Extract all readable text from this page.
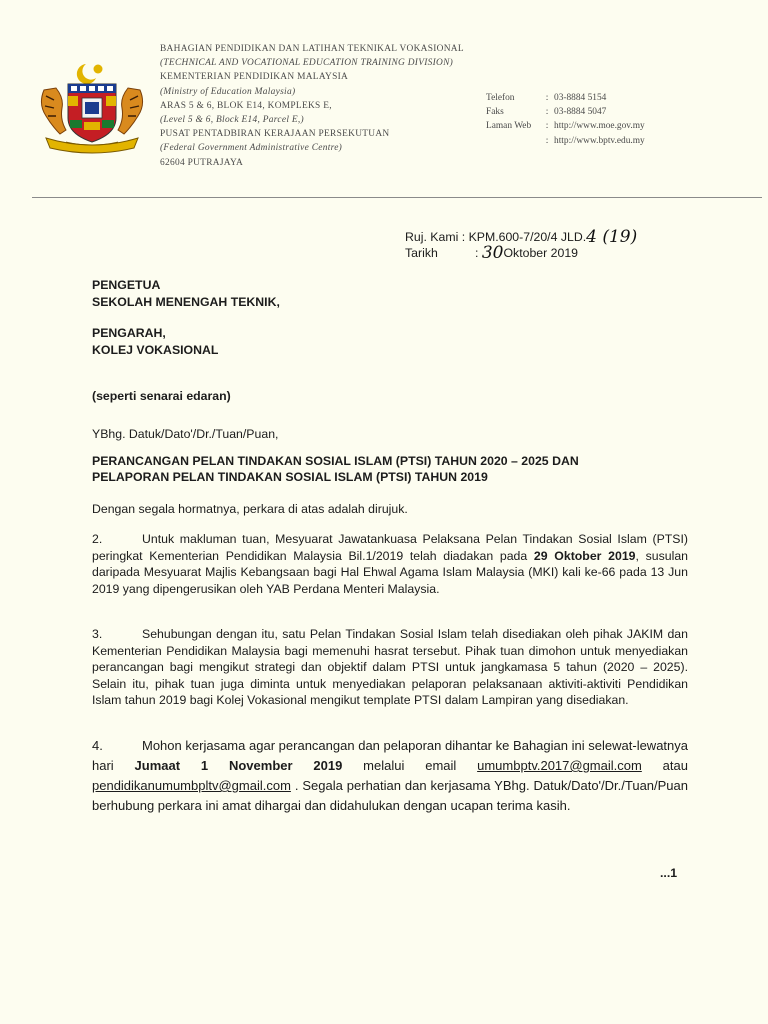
BAHAGIAN PENDIDIKAN DAN LATIHAN TEKNIKAL VOKASIONAL
(TECHNICAL AND VOCATIONAL EDUCATION TRAINING DIVISION)
KEMENTERIAN PENDIDIKAN MALAYSIA
(Ministry of Education Malaysia)
ARAS 5 & 6, BLOK E14, KOMPLEKS E,
(Level 5 & 6, Block E14, Parcel E,)
PUSAT PENTADBIRAN KERAJAAN PERSEKUTUAN
(Federal Government Administrative Centre)
62604 PUTRAJAYA
Telefon	: 03-8884 5154
Faks	: 03-8884 5047
Laman Web	: http://www.moe.gov.my
: http://www.bptv.edu.my
Ruj. Kami :
KPM.600-7/20/4 JLD. 4 (19)
Tarikh	:
30 Oktober 2019
PENGETUA
SEKOLAH MENENGAH TEKNIK,
PENGARAH,
KOLEJ VOKASIONAL
(seperti senarai edaran)
YBhg. Datuk/Dato'/Dr./Tuan/Puan,
PERANCANGAN PELAN TINDAKAN SOSIAL ISLAM (PTSI) TAHUN 2020 – 2025 DAN
PELAPORAN PELAN TINDAKAN SOSIAL ISLAM (PTSI) TAHUN 2019
Dengan segala hormatnya, perkara di atas adalah dirujuk.
2.	Untuk makluman tuan, Mesyuarat Jawatankuasa Pelaksana Pelan Tindakan Sosial Islam (PTSI) peringkat Kementerian Pendidikan Malaysia Bil.1/2019 telah diadakan pada 29 Oktober 2019, susulan daripada Mesyuarat Majlis Kebangsaan bagi Hal Ehwal Agama Islam Malaysia (MKI) kali ke-66 pada 13 Jun 2019 yang dipengerusikan oleh YAB Perdana Menteri Malaysia.
3.	Sehubungan dengan itu, satu Pelan Tindakan Sosial Islam telah disediakan oleh pihak JAKIM dan Kementerian Pendidikan Malaysia bagi memenuhi hasrat tersebut. Pihak tuan dimohon untuk menyediakan perancangan bagi mengikut strategi dan objektif dalam PTSI untuk jangkamasa 5 tahun (2020 – 2025). Selain itu, pihak tuan juga diminta untuk menyediakan pelaporan pelaksanaan aktiviti-aktiviti Pendidikan Islam tahun 2019 bagi Kolej Vokasional mengikut template PTSI dalam Lampiran yang disediakan.
4.	Mohon kerjasama agar perancangan dan pelaporan dihantar ke Bahagian ini selewat-lewatnya hari Jumaat 1 November 2019 melalui email umumbptv.2017@gmail.com atau pendidikanumumbpltv@gmail.com . Segala perhatian dan kerjasama YBhg. Datuk/Dato'/Dr./Tuan/Puan berhubung perkara ini amat dihargai dan didahulukan dengan ucapan terima kasih.
...1
